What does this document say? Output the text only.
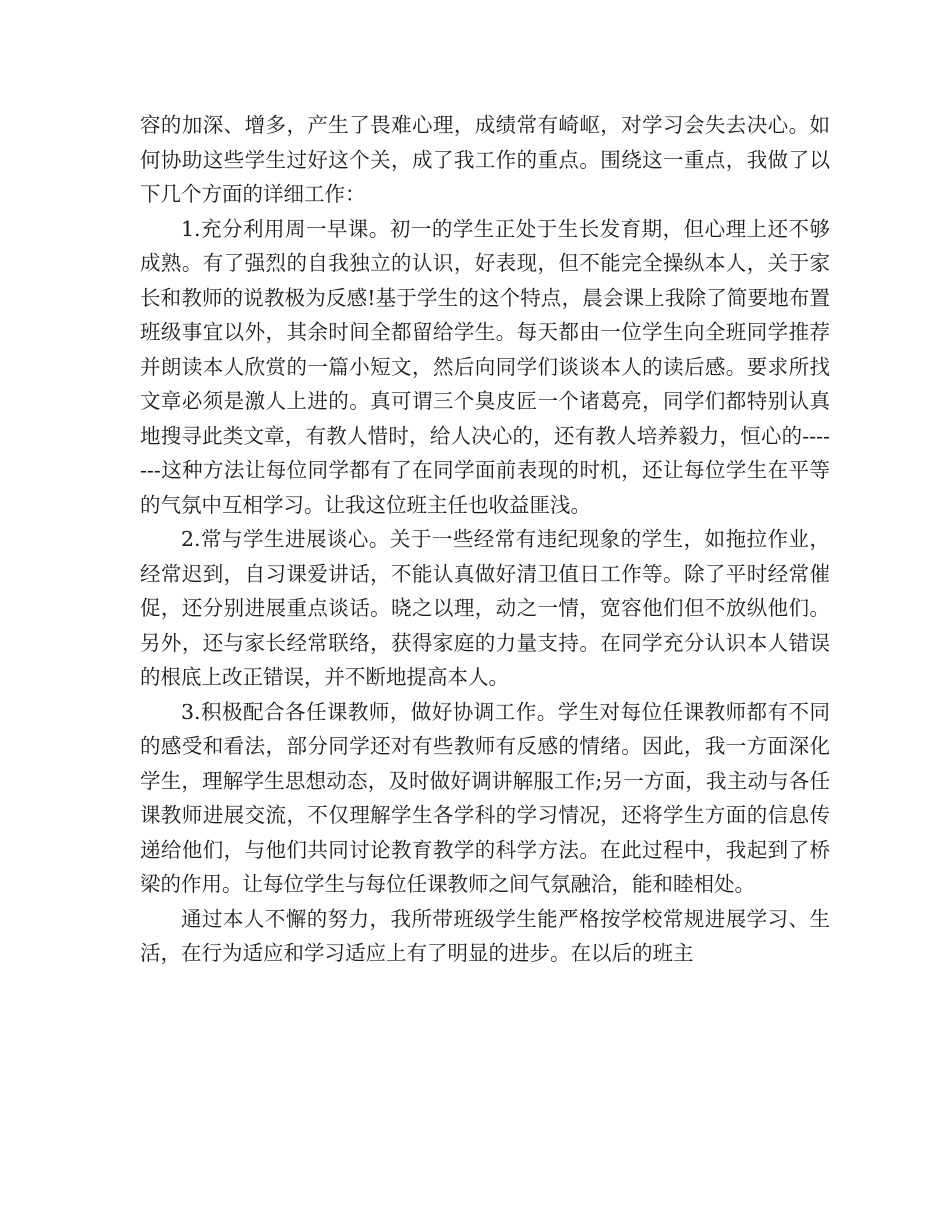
容的加深、增多，产生了畏难心理，成绩常有崎岖，对学习会失去决心。如何协助这些学生过好这个关，成了我工作的重点。围绕这一重点，我做了以下几个方面的详细工作：

1.充分利用周一早课。初一的学生正处于生长发育期，但心理上还不够成熟。有了强烈的自我独立的认识，好表现，但不能完全操纵本人，关于家长和教师的说教极为反感!基于学生的这个特点，晨会课上我除了简要地布置班级事宜以外，其余时间全都留给学生。每天都由一位学生向全班同学推荐并朗读本人欣赏的一篇小短文，然后向同学们谈谈本人的读后感。要求所找文章必须是激人上进的。真可谓三个臭皮匠一个诸葛亮，同学们都特别认真地搜寻此类文章，有教人惜时，给人决心的，还有教人培养毅力，恒心的-------这种方法让每位同学都有了在同学面前表现的时机，还让每位学生在平等的气氛中互相学习。让我这位班主任也收益匪浅。

2.常与学生进展谈心。关于一些经常有违纪现象的学生，如拖拉作业，经常迟到，自习课爱讲话，不能认真做好清卫值日工作等。除了平时经常催促，还分别进展重点谈话。晓之以理，动之一情，宽容他们但不放纵他们。另外，还与家长经常联络，获得家庭的力量支持。在同学充分认识本人错误的根底上改正错误，并不断地提高本人。

3.积极配合各任课教师，做好协调工作。学生对每位任课教师都有不同的感受和看法，部分同学还对有些教师有反感的情绪。因此，我一方面深化学生，理解学生思想动态，及时做好调讲解服工作;另一方面，我主动与各任课教师进展交流，不仅理解学生各学科的学习情况，还将学生方面的信息传递给他们，与他们共同讨论教育教学的科学方法。在此过程中，我起到了桥梁的作用。让每位学生与每位任课教师之间气氛融洽，能和睦相处。

通过本人不懈的努力，我所带班级学生能严格按学校常规进展学习、生活，在行为适应和学习适应上有了明显的进步。在以后的班主
